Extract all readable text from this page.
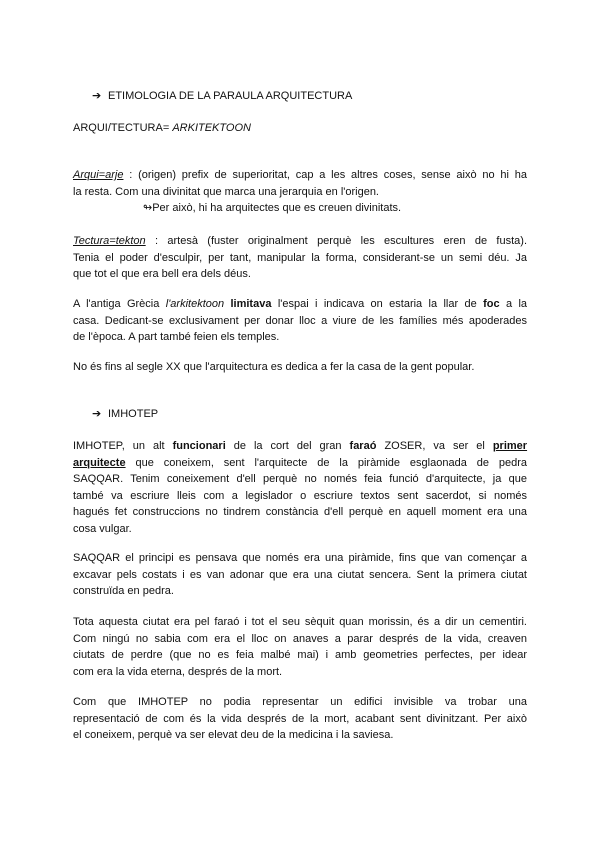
➔ ETIMOLOGIA DE LA PARAULA ARQUITECTURA
ARQUI/TECTURA= ARKITEKTOON
Arqui=arje : (origen) prefix de superioritat, cap a les altres coses, sense això no hi ha
la resta. Com una divinitat que marca una jerarquia en l'origen.
↬Per això, hi ha arquitectes que es creuen divinitats.
Tectura=tekton : artesà (fuster originalment perquè les escultures eren de fusta).
Tenia el poder d'esculpir, per tant, manipular la forma, considerant-se un semi déu. Ja
que tot el que era bell era dels déus.
A l'antiga Grècia l'arkitektoon limitava l'espai i indicava on estaria la llar de foc a la
casa. Dedicant-se exclusivament per donar lloc a viure de les famílies més apoderades
de l'època. A part també feien els temples.
No és fins al segle XX que l'arquitectura es dedica a fer la casa de la gent popular.
➔ IMHOTEP
IMHOTEP, un alt funcionari de la cort del gran faraó ZOSER, va ser el primer
arquitecte que coneixem, sent l'arquitecte de la piràmide esglaonada de pedra
SAQQAR. Tenim coneixement d'ell perquè no només feia funció d'arquitecte, ja que
també va escriure lleis com a legislador o escriure textos sent sacerdot, si només
hagués fet construccions no tindrem constància d'ell perquè en aquell moment era una
cosa vulgar.
SAQQAR el principi es pensava que només era una piràmide, fins que van començar a
excavar pels costats i es van adonar que era una ciutat sencera. Sent la primera ciutat
construïda en pedra.
Tota aquesta ciutat era pel faraó i tot el seu sèquit quan morissin, és a dir un cementiri.
Com ningú no sabia com era el lloc on anaves a parar després de la vida, creaven
ciutats de perdre (que no es feia malbé mai) i amb geometries perfectes, per idear
com era la vida eterna, després de la mort.
Com que IMHOTEP no podia representar un edifici invisible va trobar una
representació de com és la vida després de la mort, acabant sent divinitzant. Per això
el coneixem, perquè va ser elevat deu de la medicina i la saviesa.
